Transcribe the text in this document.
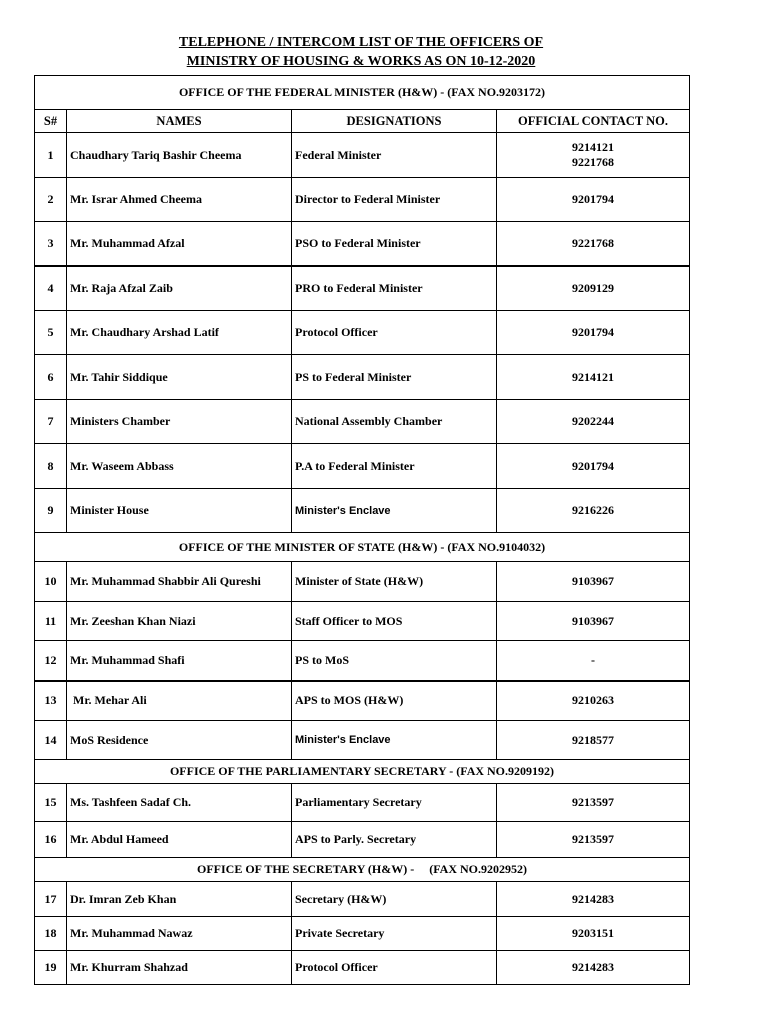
TELEPHONE / INTERCOM LIST OF THE OFFICERS OF
MINISTRY OF HOUSING & WORKS AS ON 10-12-2020
OFFICE OF THE FEDERAL MINISTER (H&W) - (FAX NO.9203172)			
S#	NAMES	DESIGNATIONS	OFFICIAL CONTACT NO.
1	Chaudhary Tariq Bashir Cheema	Federal Minister	9214121
9221768

2	Mr. Israr Ahmed Cheema	Director to Federal Minister	9201794

3	Mr. Muhammad Afzal	PSO to Federal Minister	9221768

4	Mr. Raja Afzal Zaib	PRO to Federal Minister	9209129

5	Mr. Chaudhary Arshad Latif	Protocol Officer	9201794

6	Mr. Tahir Siddique	PS to Federal Minister	9214121

7	Ministers Chamber	National Assembly Chamber	9202244

8	Mr. Waseem Abbass	P.A to Federal Minister	9201794

9	Minister House	Minister's Enclave	9216226

OFFICE OF THE MINISTER OF STATE (H&W) - (FAX NO.9104032)			
10	Mr. Muhammad Shabbir Ali Qureshi	Minister of State (H&W)	9103967

11	Mr. Zeeshan Khan Niazi	Staff Officer to MOS	9103967

12	Mr. Muhammad Shafi	PS to MoS	-

13	Mr. Mehar Ali	APS to MOS (H&W)	9210263

14	MoS Residence	Minister's Enclave	9218577

OFFICE OF THE PARLIAMENTARY SECRETARY - (FAX NO.9209192)			
15	Ms. Tashfeen Sadaf Ch.	Parliamentary Secretary	9213597

16	Mr. Abdul Hameed	APS to Parly. Secretary	9213597

OFFICE OF THE SECRETARY (H&W) -     (FAX NO.9202952)			
17	Dr. Imran Zeb Khan	Secretary (H&W)	9214283

18	Mr. Muhammad Nawaz	Private Secretary	9203151

19	Mr. Khurram Shahzad	Protocol Officer	9214283
